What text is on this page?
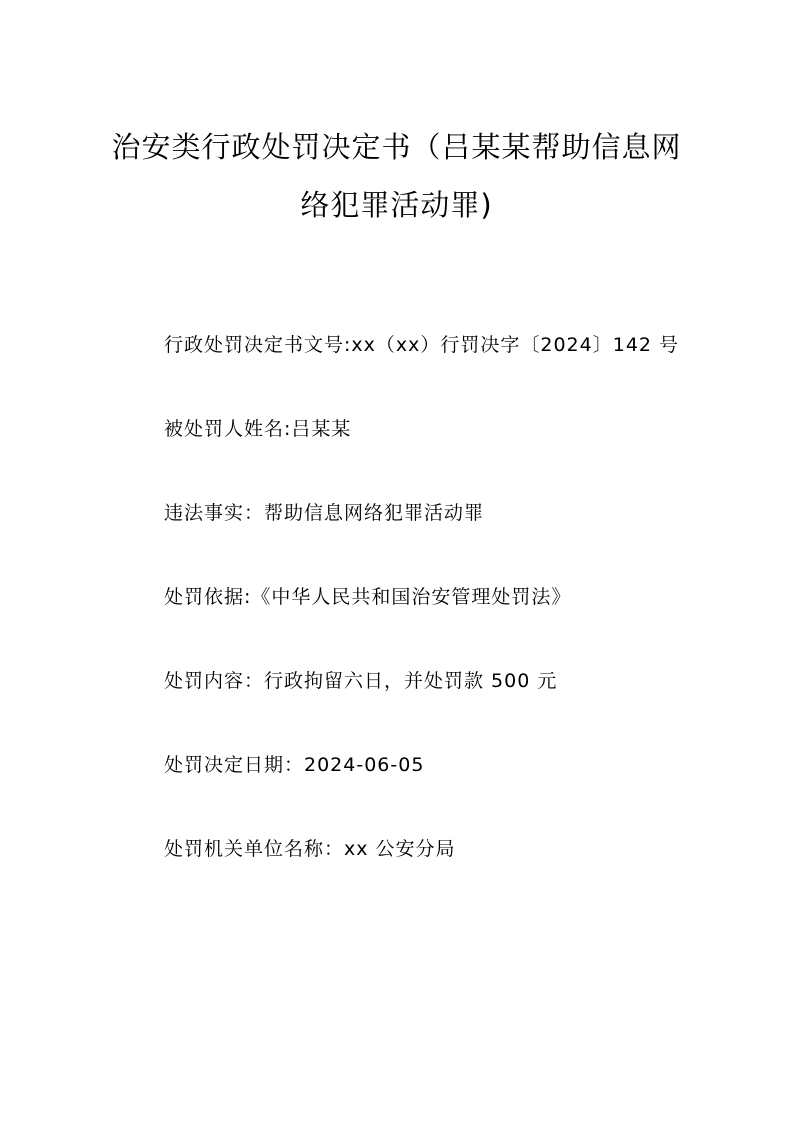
治安类行政处罚决定书（吕某某帮助信息网
络犯罪活动罪)
行政处罚决定书文号:xx（xx）行罚决字〔2024〕142 号
被处罚人姓名:吕某某
违法事实：帮助信息网络犯罪活动罪
处罚依据:《中华人民共和国治安管理处罚法》
处罚内容：行政拘留六日，并处罚款 500 元
处罚决定日期：2024-06-05
处罚机关单位名称：xx 公安分局
